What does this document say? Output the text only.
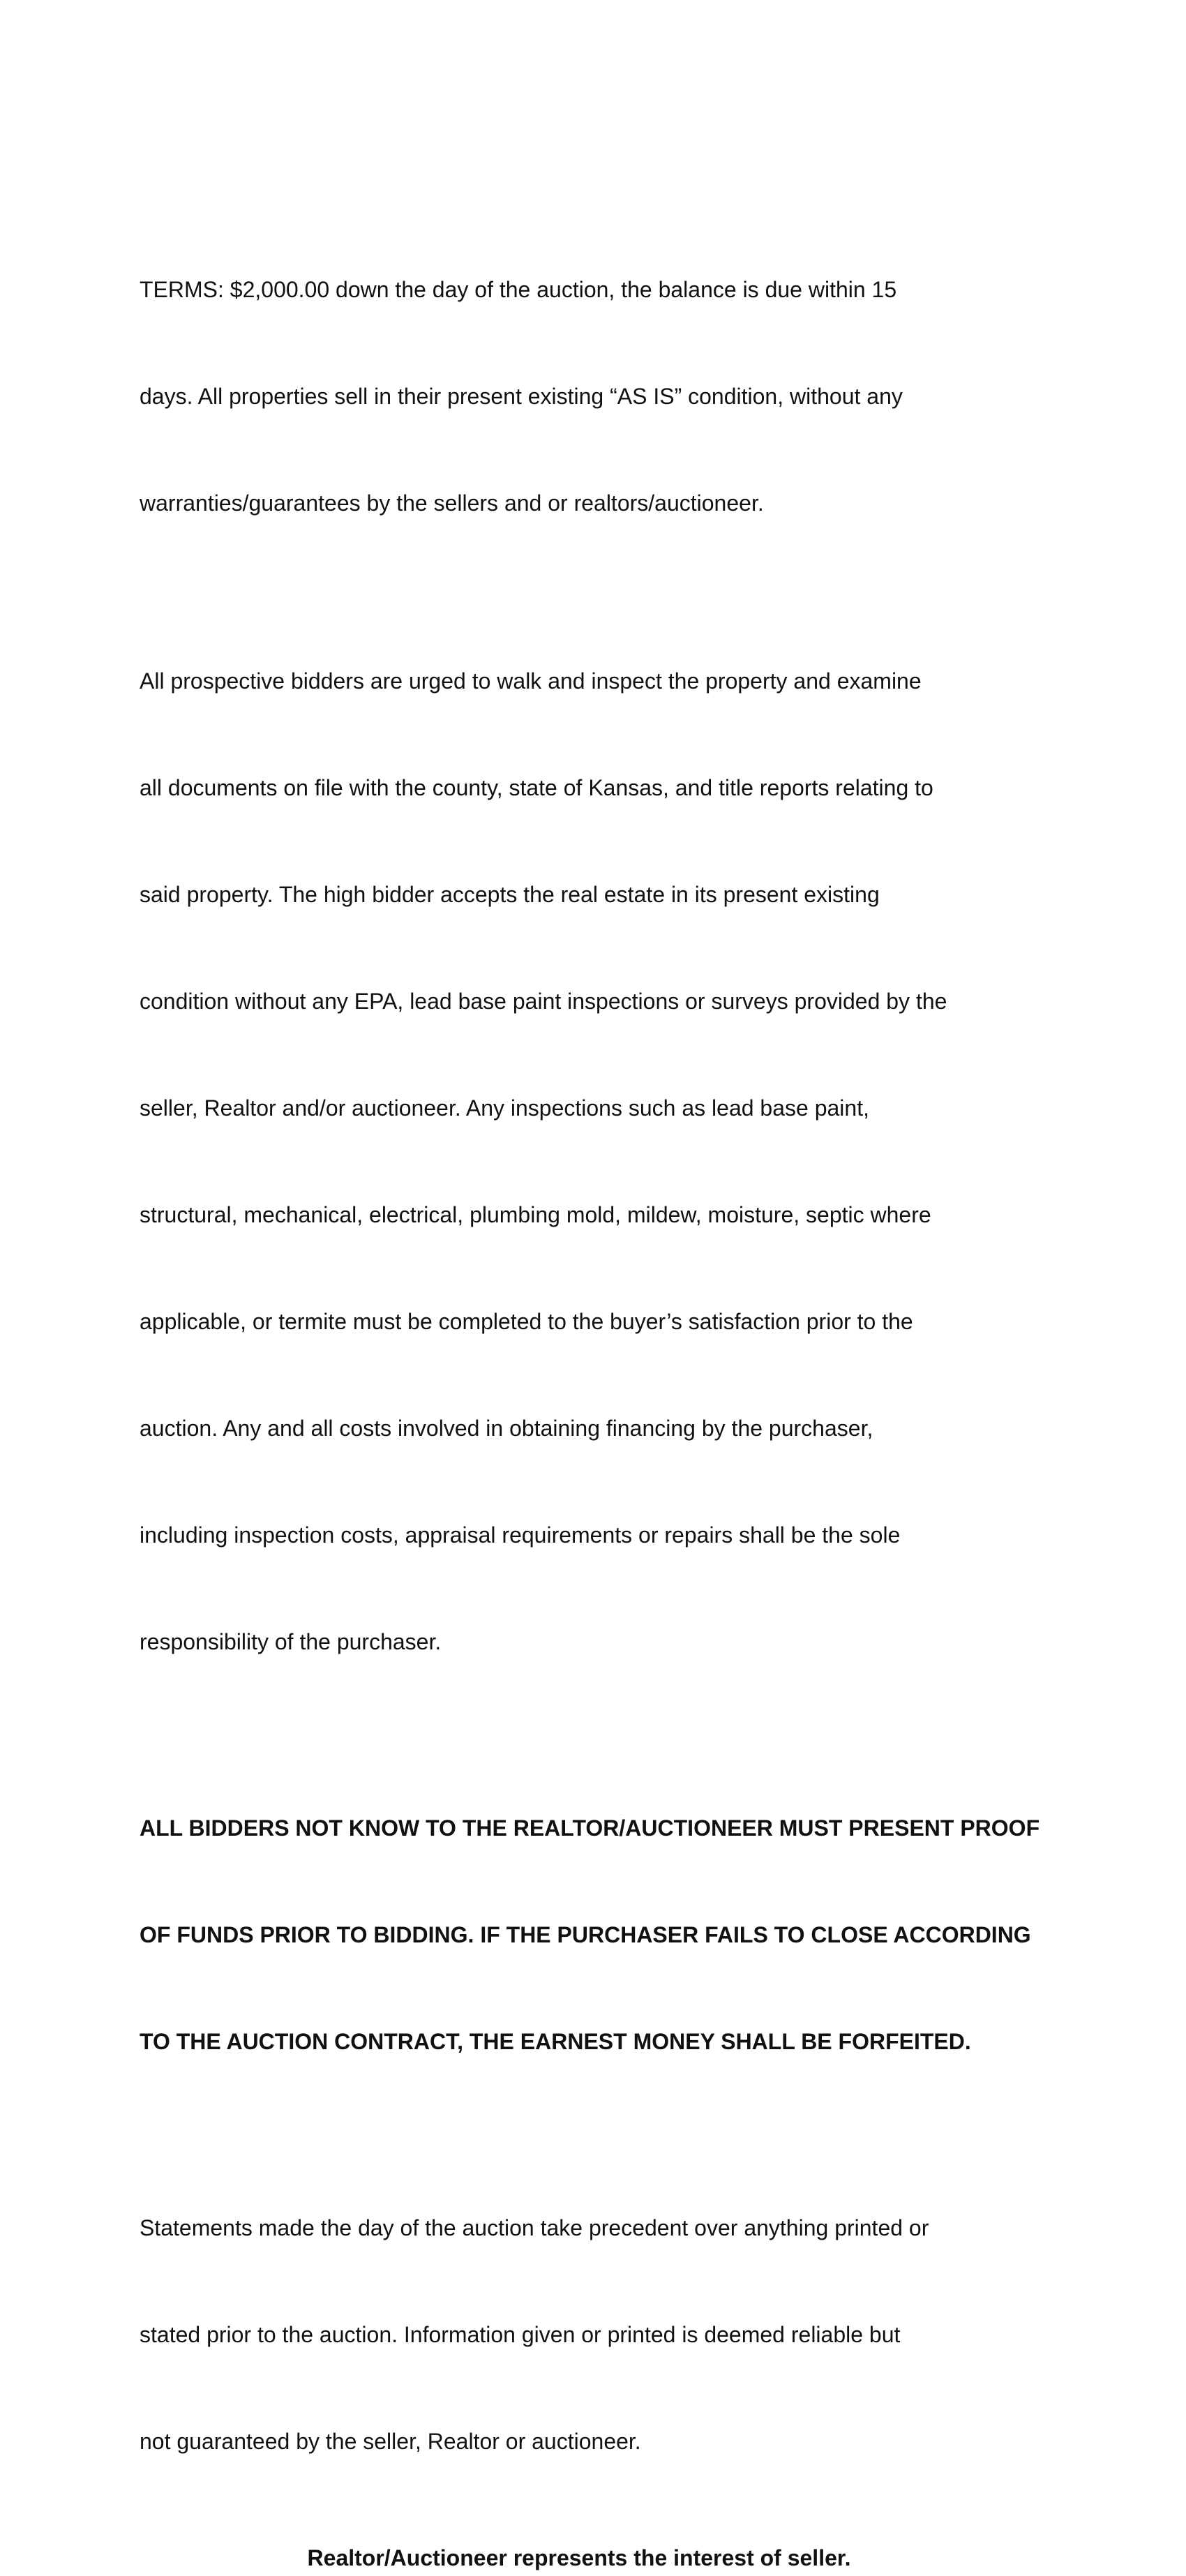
TERMS: $2,000.00 down the day of the auction, the balance is due within 15

days. All properties sell in their present existing “AS IS” condition, without any

warranties/guarantees by the sellers and or realtors/auctioneer.

All prospective bidders are urged to walk and inspect the property and examine

all documents on file with the county, state of Kansas, and title reports relating to

said property. The high bidder accepts the real estate in its present existing

condition without any EPA, lead base paint inspections or surveys provided by the

seller, Realtor and/or auctioneer. Any inspections such as lead base paint,

structural, mechanical, electrical, plumbing mold, mildew, moisture, septic where

applicable, or termite must be completed to the buyer’s satisfaction prior to the

auction. Any and all costs involved in obtaining financing by the purchaser,

including inspection costs, appraisal requirements or repairs shall be the sole

responsibility of the purchaser.

ALL BIDDERS NOT KNOW TO THE REALTOR/AUCTIONEER MUST PRESENT PROOF

OF FUNDS PRIOR TO BIDDING. IF THE PURCHASER FAILS TO CLOSE ACCORDING

TO THE AUCTION CONTRACT, THE EARNEST MONEY SHALL BE FORFEITED.

Statements made the day of the auction take precedent over anything printed or

stated prior to the auction. Information given or printed is deemed reliable but

not guaranteed by the seller, Realtor or auctioneer.

Realtor/Auctioneer represents the interest of seller.
